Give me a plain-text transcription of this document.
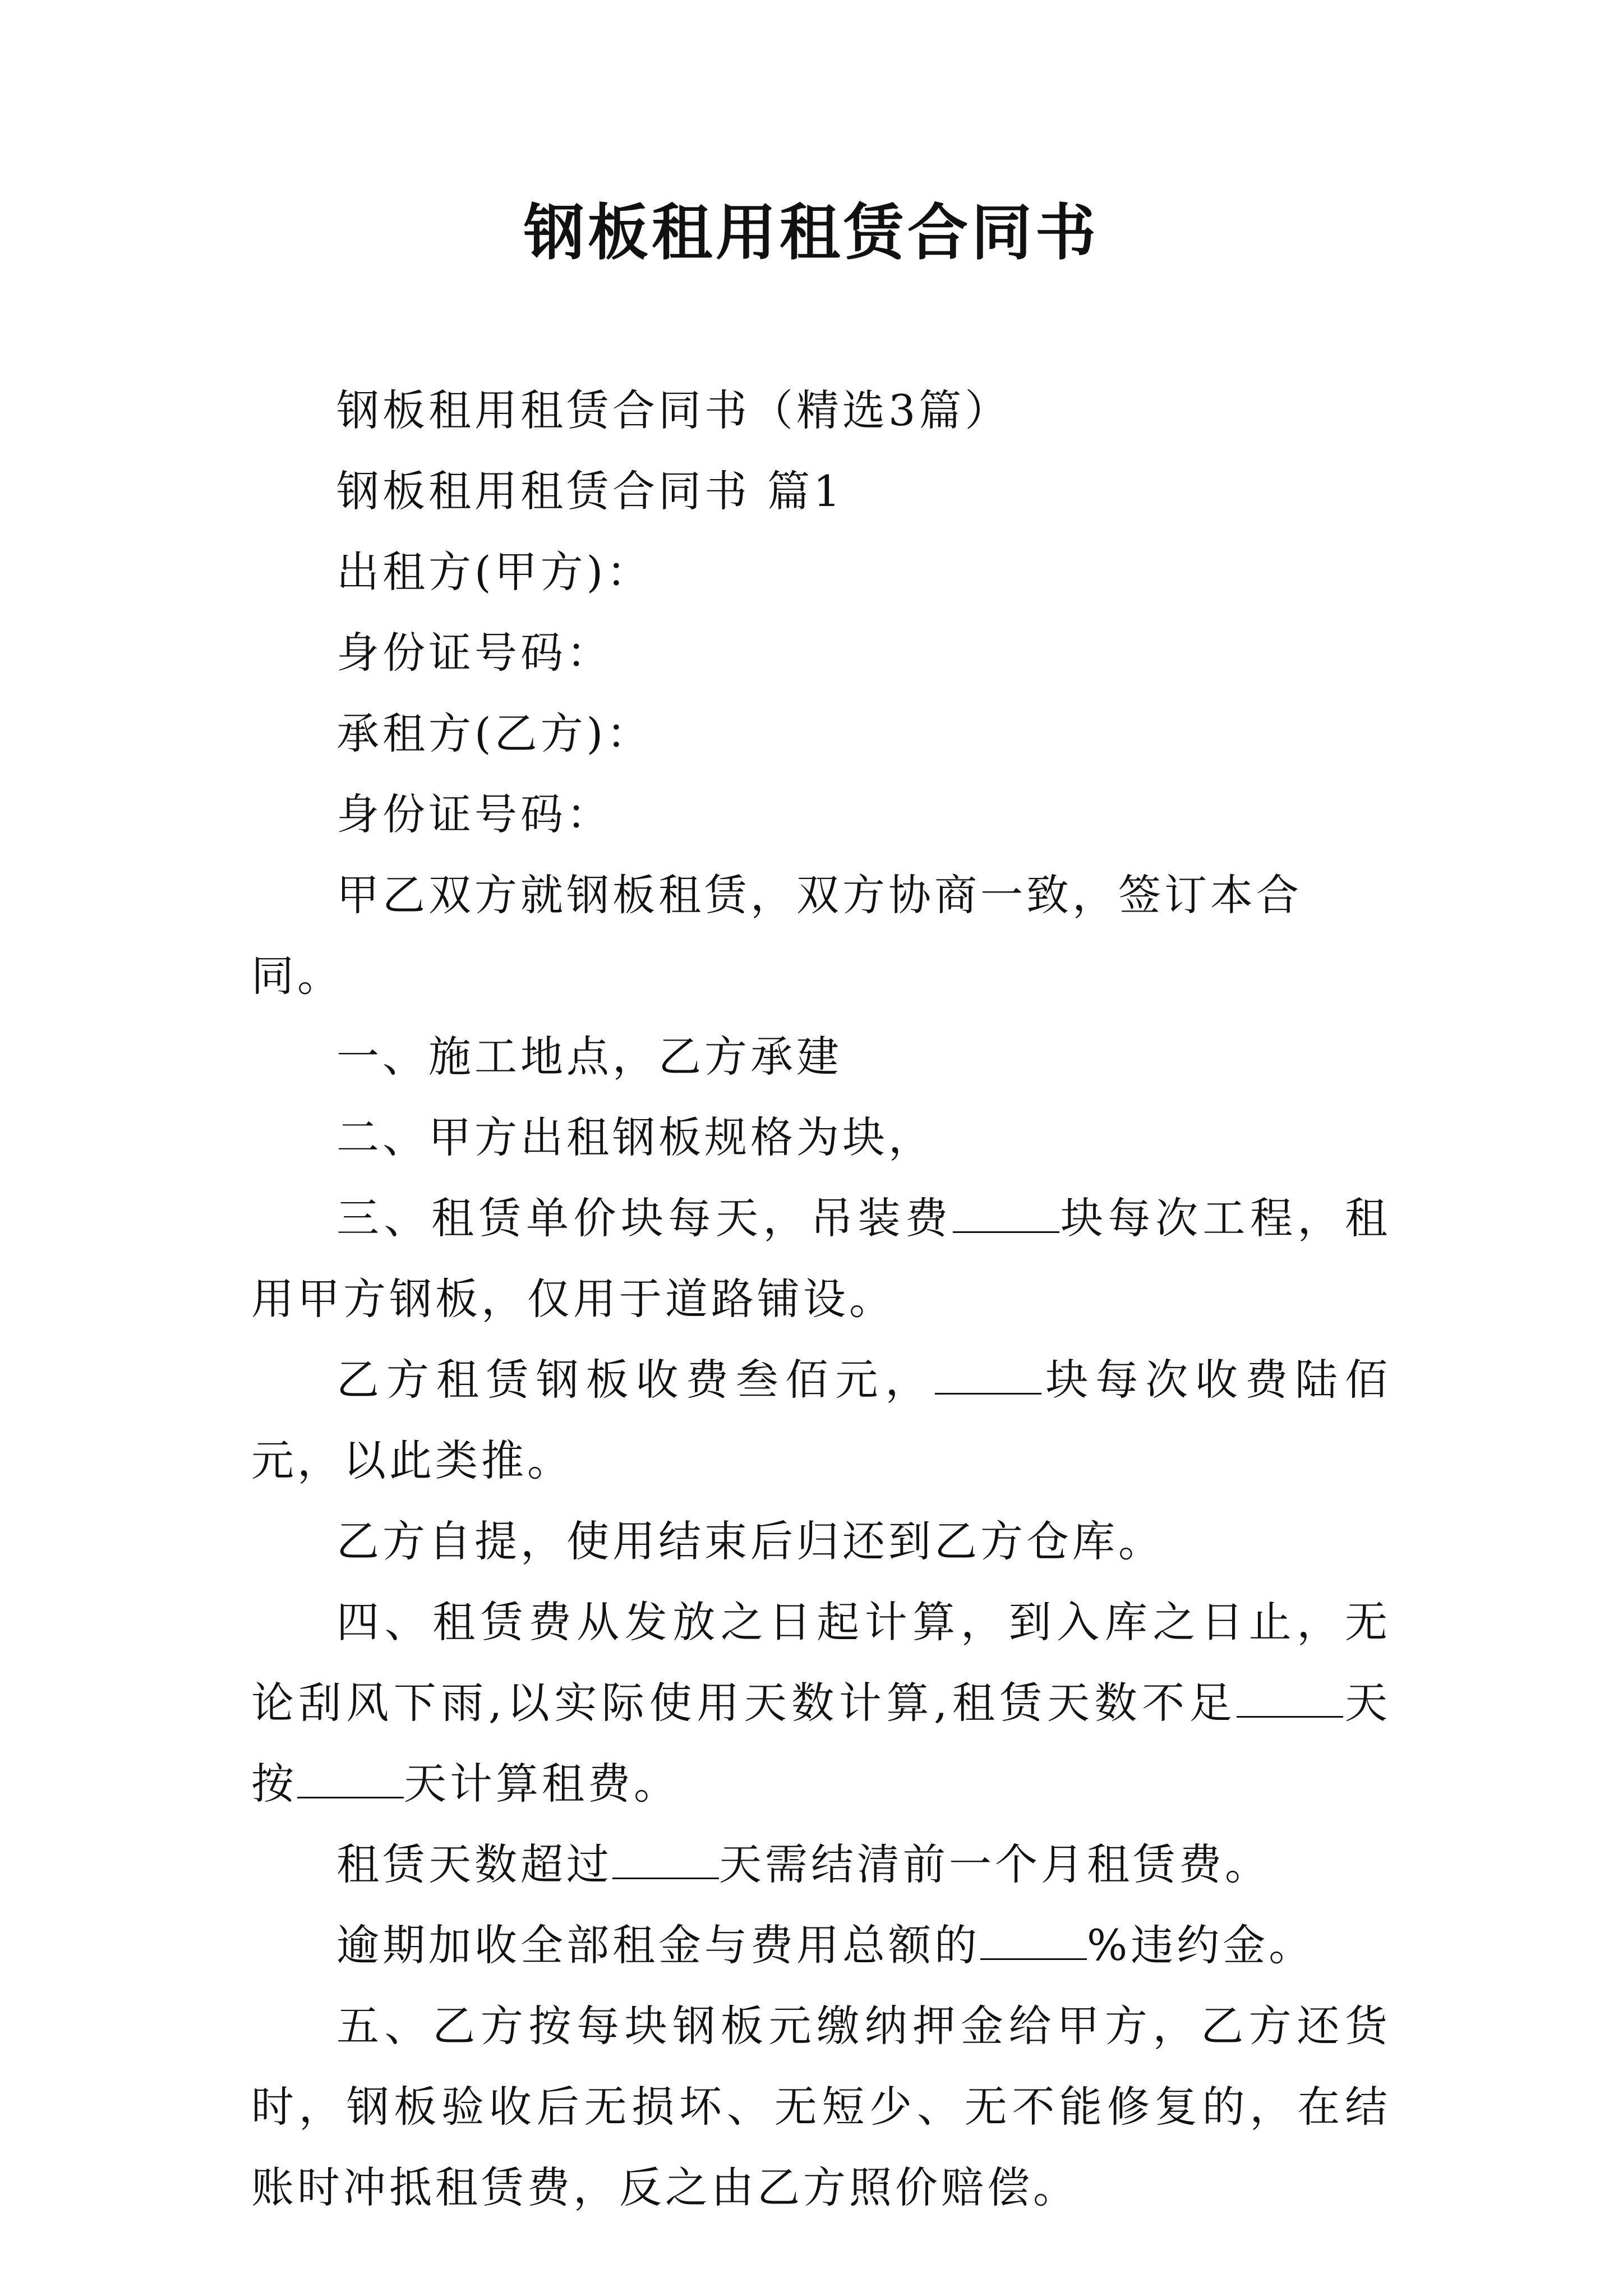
钢板租用租赁合同书

钢板租用租赁合同书（精选3篇）

钢板租用租赁合同书 篇1

出租方(甲方)：

身份证号码：

承租方(乙方)：

身份证号码：

甲乙双方就钢板租赁，双方协商一致，签订本合同。

一、施工地点，乙方承建

二、甲方出租钢板规格为块，

三、租赁单价块每天，吊装费	块每次工程，租用甲方钢板，仅用于道路铺设。

乙方租赁钢板收费叁佰元，	块每次收费陆佰元，以此类推。

乙方自提，使用结束后归还到乙方仓库。

四、租赁费从发放之日起计算，到入库之日止，无论刮风下雨,以实际使用天数计算,租赁天数不足	天按	天计算租费。

租赁天数超过	天需结清前一个月租赁费。

逾期加收全部租金与费用总额的	%违约金。

五、乙方按每块钢板元缴纳押金给甲方，乙方还货时，钢板验收后无损坏、无短少、无不能修复的，在结账时冲抵租赁费，反之由乙方照价赔偿。
